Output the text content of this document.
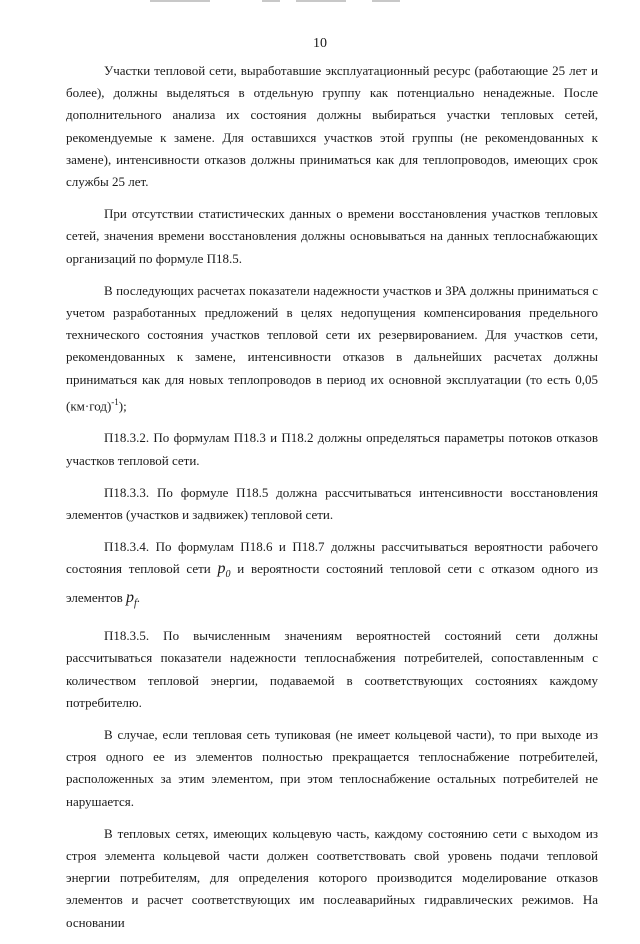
10

Участки тепловой сети, выработавшие эксплуатационный ресурс (работающие 25 лет и более), должны выделяться в отдельную группу как потенциально ненадежные. После дополнительного анализа их состояния должны выбираться участки тепловых сетей, рекомендуемые к замене. Для оставшихся участков этой группы (не рекомендованных к замене), интенсивности отказов должны приниматься как для теплопроводов, имеющих срок службы 25 лет.

При отсутствии статистических данных о времени восстановления участков тепловых сетей, значения времени восстановления должны основываться на данных теплоснабжающих организаций по формуле П18.5.

В последующих расчетах показатели надежности участков и ЗРА должны приниматься с учетом разработанных предложений в целях недопущения компенсирования предельного технического состояния участков тепловой сети их резервированием. Для участков сети, рекомендованных к замене, интенсивности отказов в дальнейших расчетах должны приниматься как для новых теплопроводов в период их основной эксплуатации (то есть 0,05 $(км\cdot год)^{-1}$);

П18.3.2. По формулам П18.3 и П18.2 должны определяться параметры потоков отказов участков тепловой сети.

П18.3.3. По формуле П18.5 должна рассчитываться интенсивности восстановления элементов (участков и задвижек) тепловой сети.

П18.3.4. По формулам П18.6 и П18.7 должны рассчитываться вероятности рабочего состояния тепловой сети $p_0$ и вероятности состояний тепловой сети с отказом одного из элементов $p_f$.

П18.3.5. По вычисленным значениям вероятностей состояний сети должны рассчитываться показатели надежности теплоснабжения потребителей, сопоставленным с количеством тепловой энергии, подаваемой в соответствующих состояниях каждому потребителю.

В случае, если тепловая сеть тупиковая (не имеет кольцевой части), то при выходе из строя одного ее из элементов полностью прекращается теплоснабжение потребителей, расположенных за этим элементом, при этом теплоснабжение остальных потребителей не нарушается.

В тепловых сетях, имеющих кольцевую часть, каждому состоянию сети с выходом из строя элемента кольцевой части должен соответствовать свой уровень подачи тепловой энергии потребителям, для определения которого производится моделирование отказов элементов и расчет соответствующих им послеаварийных гидравлических режимов. На основании
